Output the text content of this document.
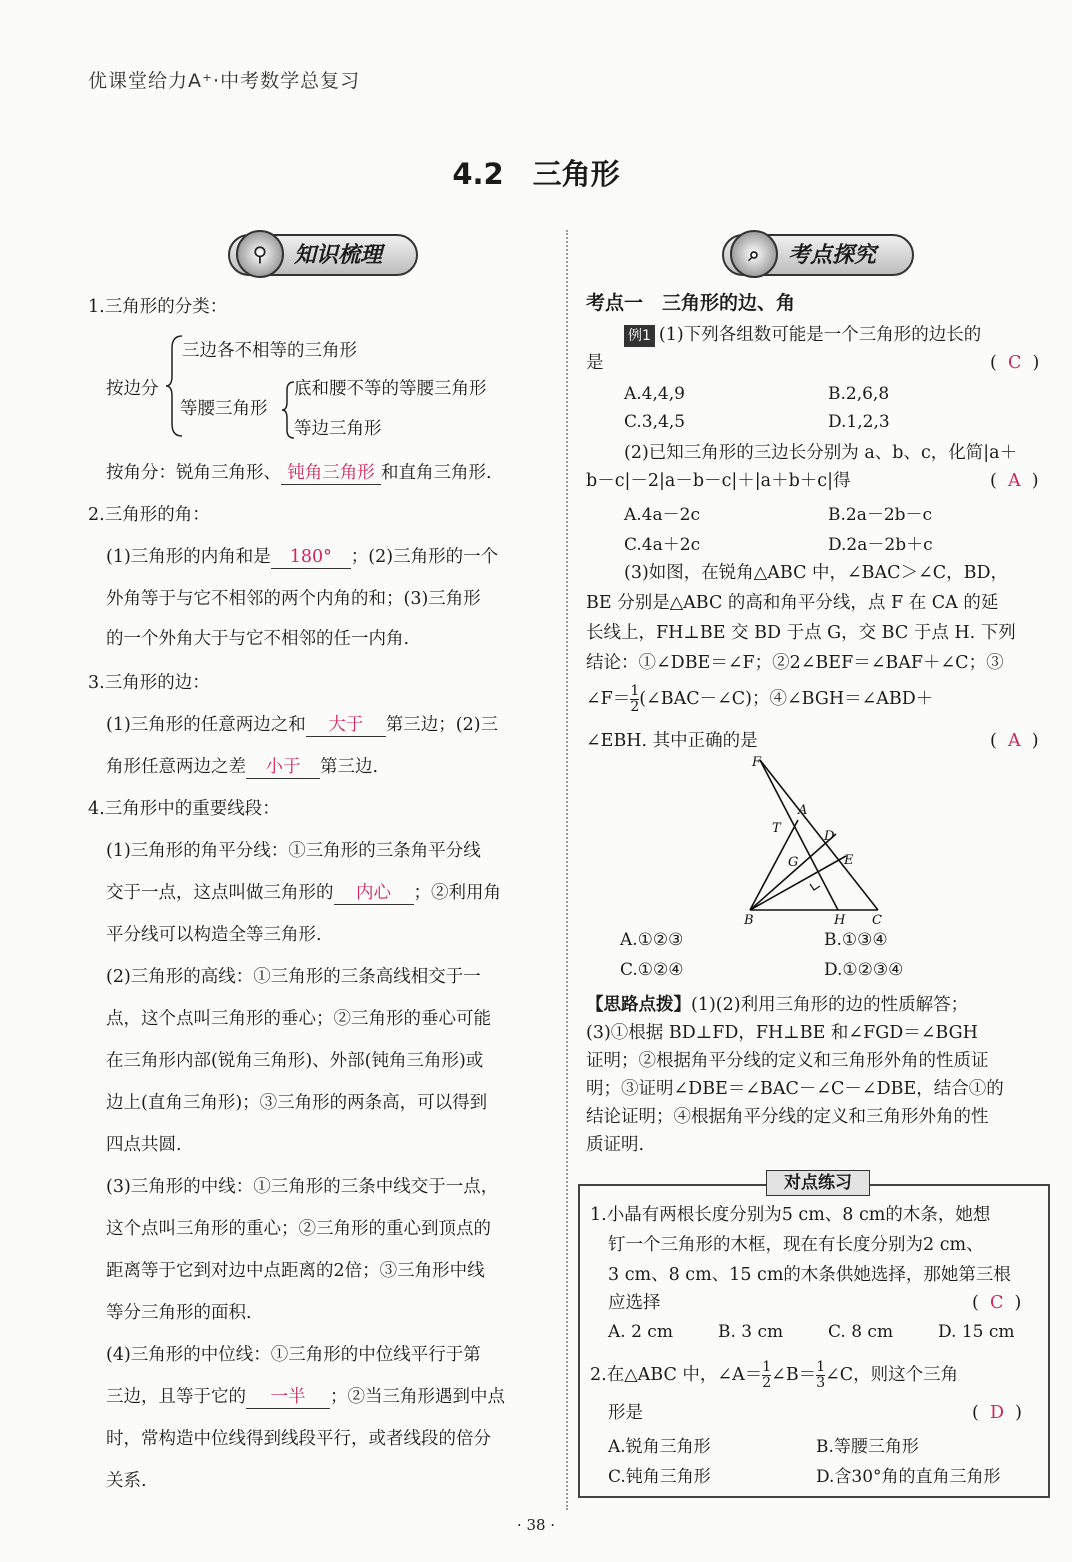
优课堂给力A⁺·中考数学总复习
4.2　三角形
⚲	知识梳理
1.三角形的分类：
按边分
三边各不相等的三角形
等腰三角形
底和腰不等的等腰三角形
等边三角形
按角分：锐角三角形、 钝角三角形 和直角三角形.
2.三角形的角：
(1)三角形的内角和是 180° ；(2)三角形的一个
外角等于与它不相邻的两个内角的和；(3)三角形
的一个外角大于与它不相邻的任一内角.
3.三角形的边：
(1)三角形的任意两边之和 大于 第三边；(2)三
角形任意两边之差 小于 第三边.
4.三角形中的重要线段：
(1)三角形的角平分线：①三角形的三条角平分线
交于一点，这点叫做三角形的 内心 ；②利用角
平分线可以构造全等三角形.
(2)三角形的高线：①三角形的三条高线相交于一
点，这个点叫三角形的垂心；②三角形的垂心可能
在三角形内部(锐角三角形)、外部(钝角三角形)或
边上(直角三角形)；③三角形的两条高，可以得到
四点共圆.
(3)三角形的中线：①三角形的三条中线交于一点，
这个点叫三角形的重心；②三角形的重心到顶点的
距离等于它到对边中点距离的2倍；③三角形中线
等分三角形的面积.
(4)三角形的中位线：①三角形的中位线平行于第
三边，且等于它的 一半 ；②当三角形遇到中点
时，常构造中位线得到线段平行，或者线段的倍分
关系.
⌕	考点探究
考点一　三角形的边、角
例1 (1)下列各组数可能是一个三角形的边长的
是	(  C  )
A.4,4,9	B.2,6,8
C.3,4,5	D.1,2,3
(2)已知三角形的三边长分别为 a、b、c，化简|a＋
b－c|－2|a－b－c|＋|a＋b＋c|得	(  A  )
A.4a－2c	B.2a－2b－c
C.4a＋2c	D.2a－2b＋c
(3)如图，在锐角△ABC 中，∠BAC＞∠C，BD，
BE 分别是△ABC 的高和角平分线，点 F 在 CA 的延
长线上，FH⊥BE 交 BD 于点 G，交 BC 于点 H. 下列
结论：①∠DBE＝∠F；②2∠BEF＝∠BAF＋∠C；③
∠F＝ $\frac{1}{2}$ (∠BAC－∠C)；④∠BGH＝∠ABD＋
∠EBH. 其中正确的是	(  A  )
F
A
T
D
G	E
B	H C
A.①②③	B.①③④
C.①②④	D.①②③④
【思路点拨】(1)(2)利用三角形的边的性质解答；
(3)①根据 BD⊥FD，FH⊥BE 和∠FGD＝∠BGH
证明；②根据角平分线的定义和三角形外角的性质证
明；③证明∠DBE＝∠BAC－∠C－∠DBE，结合①的
结论证明；④根据角平分线的定义和三角形外角的性
质证明.
对点练习
1.小晶有两根长度分别为5 cm、8 cm的木条，她想
钉一个三角形的木框，现在有长度分别为2 cm、
3 cm、8 cm、15 cm的木条供她选择，那她第三根
应选择	(  C  )
A. 2 cm	B. 3 cm	C. 8 cm	D. 15 cm
2.在△ABC 中，∠A＝ $\frac{1}{2}$ ∠B＝ $\frac{1}{3}$ ∠C，则这个三角
形是	(  D  )
A.锐角三角形	B.等腰三角形
C.钝角三角形	D.含30°角的直角三角形
· 38 ·
